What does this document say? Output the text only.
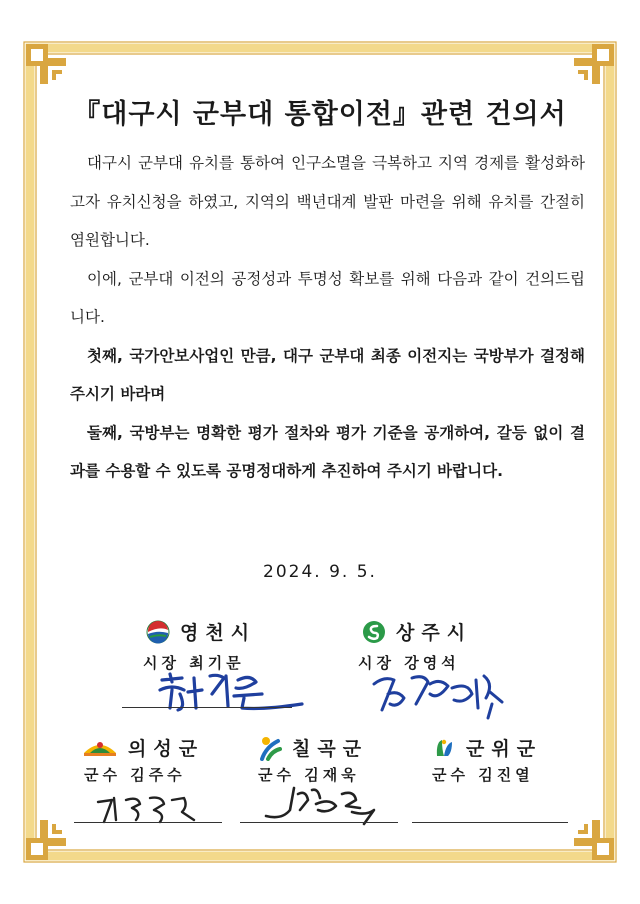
『대구시 군부대 통합이전』관련 건의서

대구시 군부대 유치를 통하여 인구소멸을 극복하고 지역 경제를 활성화하고자 유치신청을 하였고, 지역의 백년대계 발판 마련을 위해 유치를 간절히 염원합니다.

이에, 군부대 이전의 공정성과 투명성 확보를 위해 다음과 같이 건의드립니다.

첫째, 국가안보사업인 만큼, 대구 군부대 최종 이전지는 국방부가 결정해 주시기 바라며

둘째, 국방부는 명확한 평가 절차와 평가 기준을 공개하여, 갈등 없이 결과를 수용할 수 있도록 공명정대하게 추진하여 주시기 바랍니다.

2024. 9. 5.
영천시
시장 최기문
상주시
시장 강영석
의성군
군수 김주수
칠곡군
군수 김재욱
군위군
군수 김진열
